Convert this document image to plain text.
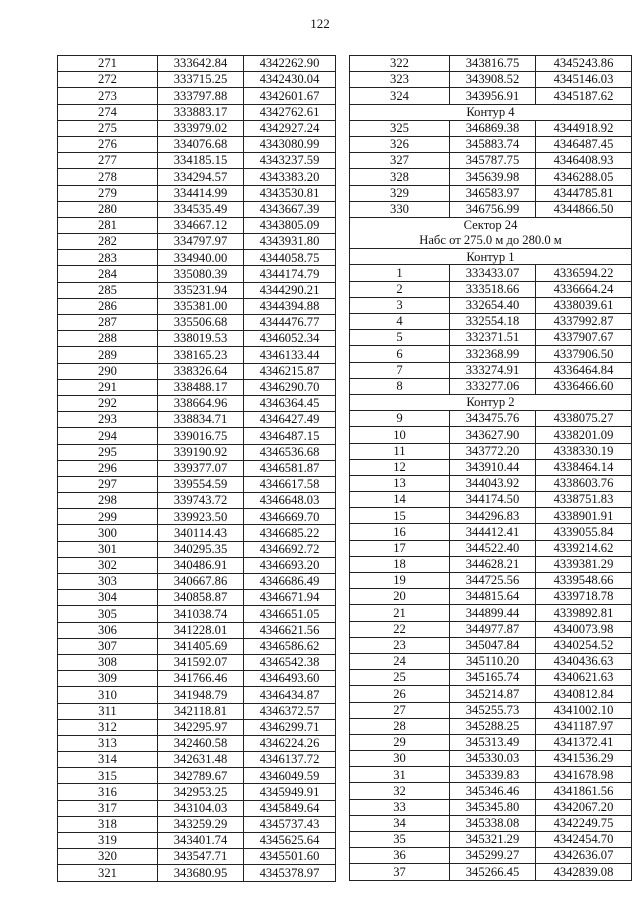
122
271	333642.84	4342262.90
272	333715.25	4342430.04
273	333797.88	4342601.67
274	333883.17	4342762.61
275	333979.02	4342927.24
276	334076.68	4343080.99
277	334185.15	4343237.59
278	334294.57	4343383.20
279	334414.99	4343530.81
280	334535.49	4343667.39
281	334667.12	4343805.09
282	334797.97	4343931.80
283	334940.00	4344058.75
284	335080.39	4344174.79
285	335231.94	4344290.21
286	335381.00	4344394.88
287	335506.68	4344476.77
288	338019.53	4346052.34
289	338165.23	4346133.44
290	338326.64	4346215.87
291	338488.17	4346290.70
292	338664.96	4346364.45
293	338834.71	4346427.49
294	339016.75	4346487.15
295	339190.92	4346536.68
296	339377.07	4346581.87
297	339554.59	4346617.58
298	339743.72	4346648.03
299	339923.50	4346669.70
300	340114.43	4346685.22
301	340295.35	4346692.72
302	340486.91	4346693.20
303	340667.86	4346686.49
304	340858.87	4346671.94
305	341038.74	4346651.05
306	341228.01	4346621.56
307	341405.69	4346586.62
308	341592.07	4346542.38
309	341766.46	4346493.60
310	341948.79	4346434.87
311	342118.81	4346372.57
312	342295.97	4346299.71
313	342460.58	4346224.26
314	342631.48	4346137.72
315	342789.67	4346049.59
316	342953.25	4345949.91
317	343104.03	4345849.64
318	343259.29	4345737.43
319	343401.74	4345625.64
320	343547.71	4345501.60
321	343680.95	4345378.97
322	343816.75	4345243.86
323	343908.52	4345146.03
324	343956.91	4345187.62
Контур 4		
325	346869.38	4344918.92
326	345883.74	4346487.45
327	345787.75	4346408.93
328	345639.98	4346288.05
329	346583.97	4344785.81
330	346756.99	4344866.50
Сектор 24		
Набс от 275.0 м до 280.0 м		
Контур 1		
1	333433.07	4336594.22
2	333518.66	4336664.24
3	332654.40	4338039.61
4	332554.18	4337992.87
5	332371.51	4337907.67
6	332368.99	4337906.50
7	333274.91	4336464.84
8	333277.06	4336466.60
Контур 2		
9	343475.76	4338075.27
10	343627.90	4338201.09
11	343772.20	4338330.19
12	343910.44	4338464.14
13	344043.92	4338603.76
14	344174.50	4338751.83
15	344296.83	4338901.91
16	344412.41	4339055.84
17	344522.40	4339214.62
18	344628.21	4339381.29
19	344725.56	4339548.66
20	344815.64	4339718.78
21	344899.44	4339892.81
22	344977.87	4340073.98
23	345047.84	4340254.52
24	345110.20	4340436.63
25	345165.74	4340621.63
26	345214.87	4340812.84
27	345255.73	4341002.10
28	345288.25	4341187.97
29	345313.49	4341372.41
30	345330.03	4341536.29
31	345339.83	4341678.98
32	345346.46	4341861.56
33	345345.80	4342067.20
34	345338.08	4342249.75
35	345321.29	4342454.70
36	345299.27	4342636.07
37	345266.45	4342839.08
